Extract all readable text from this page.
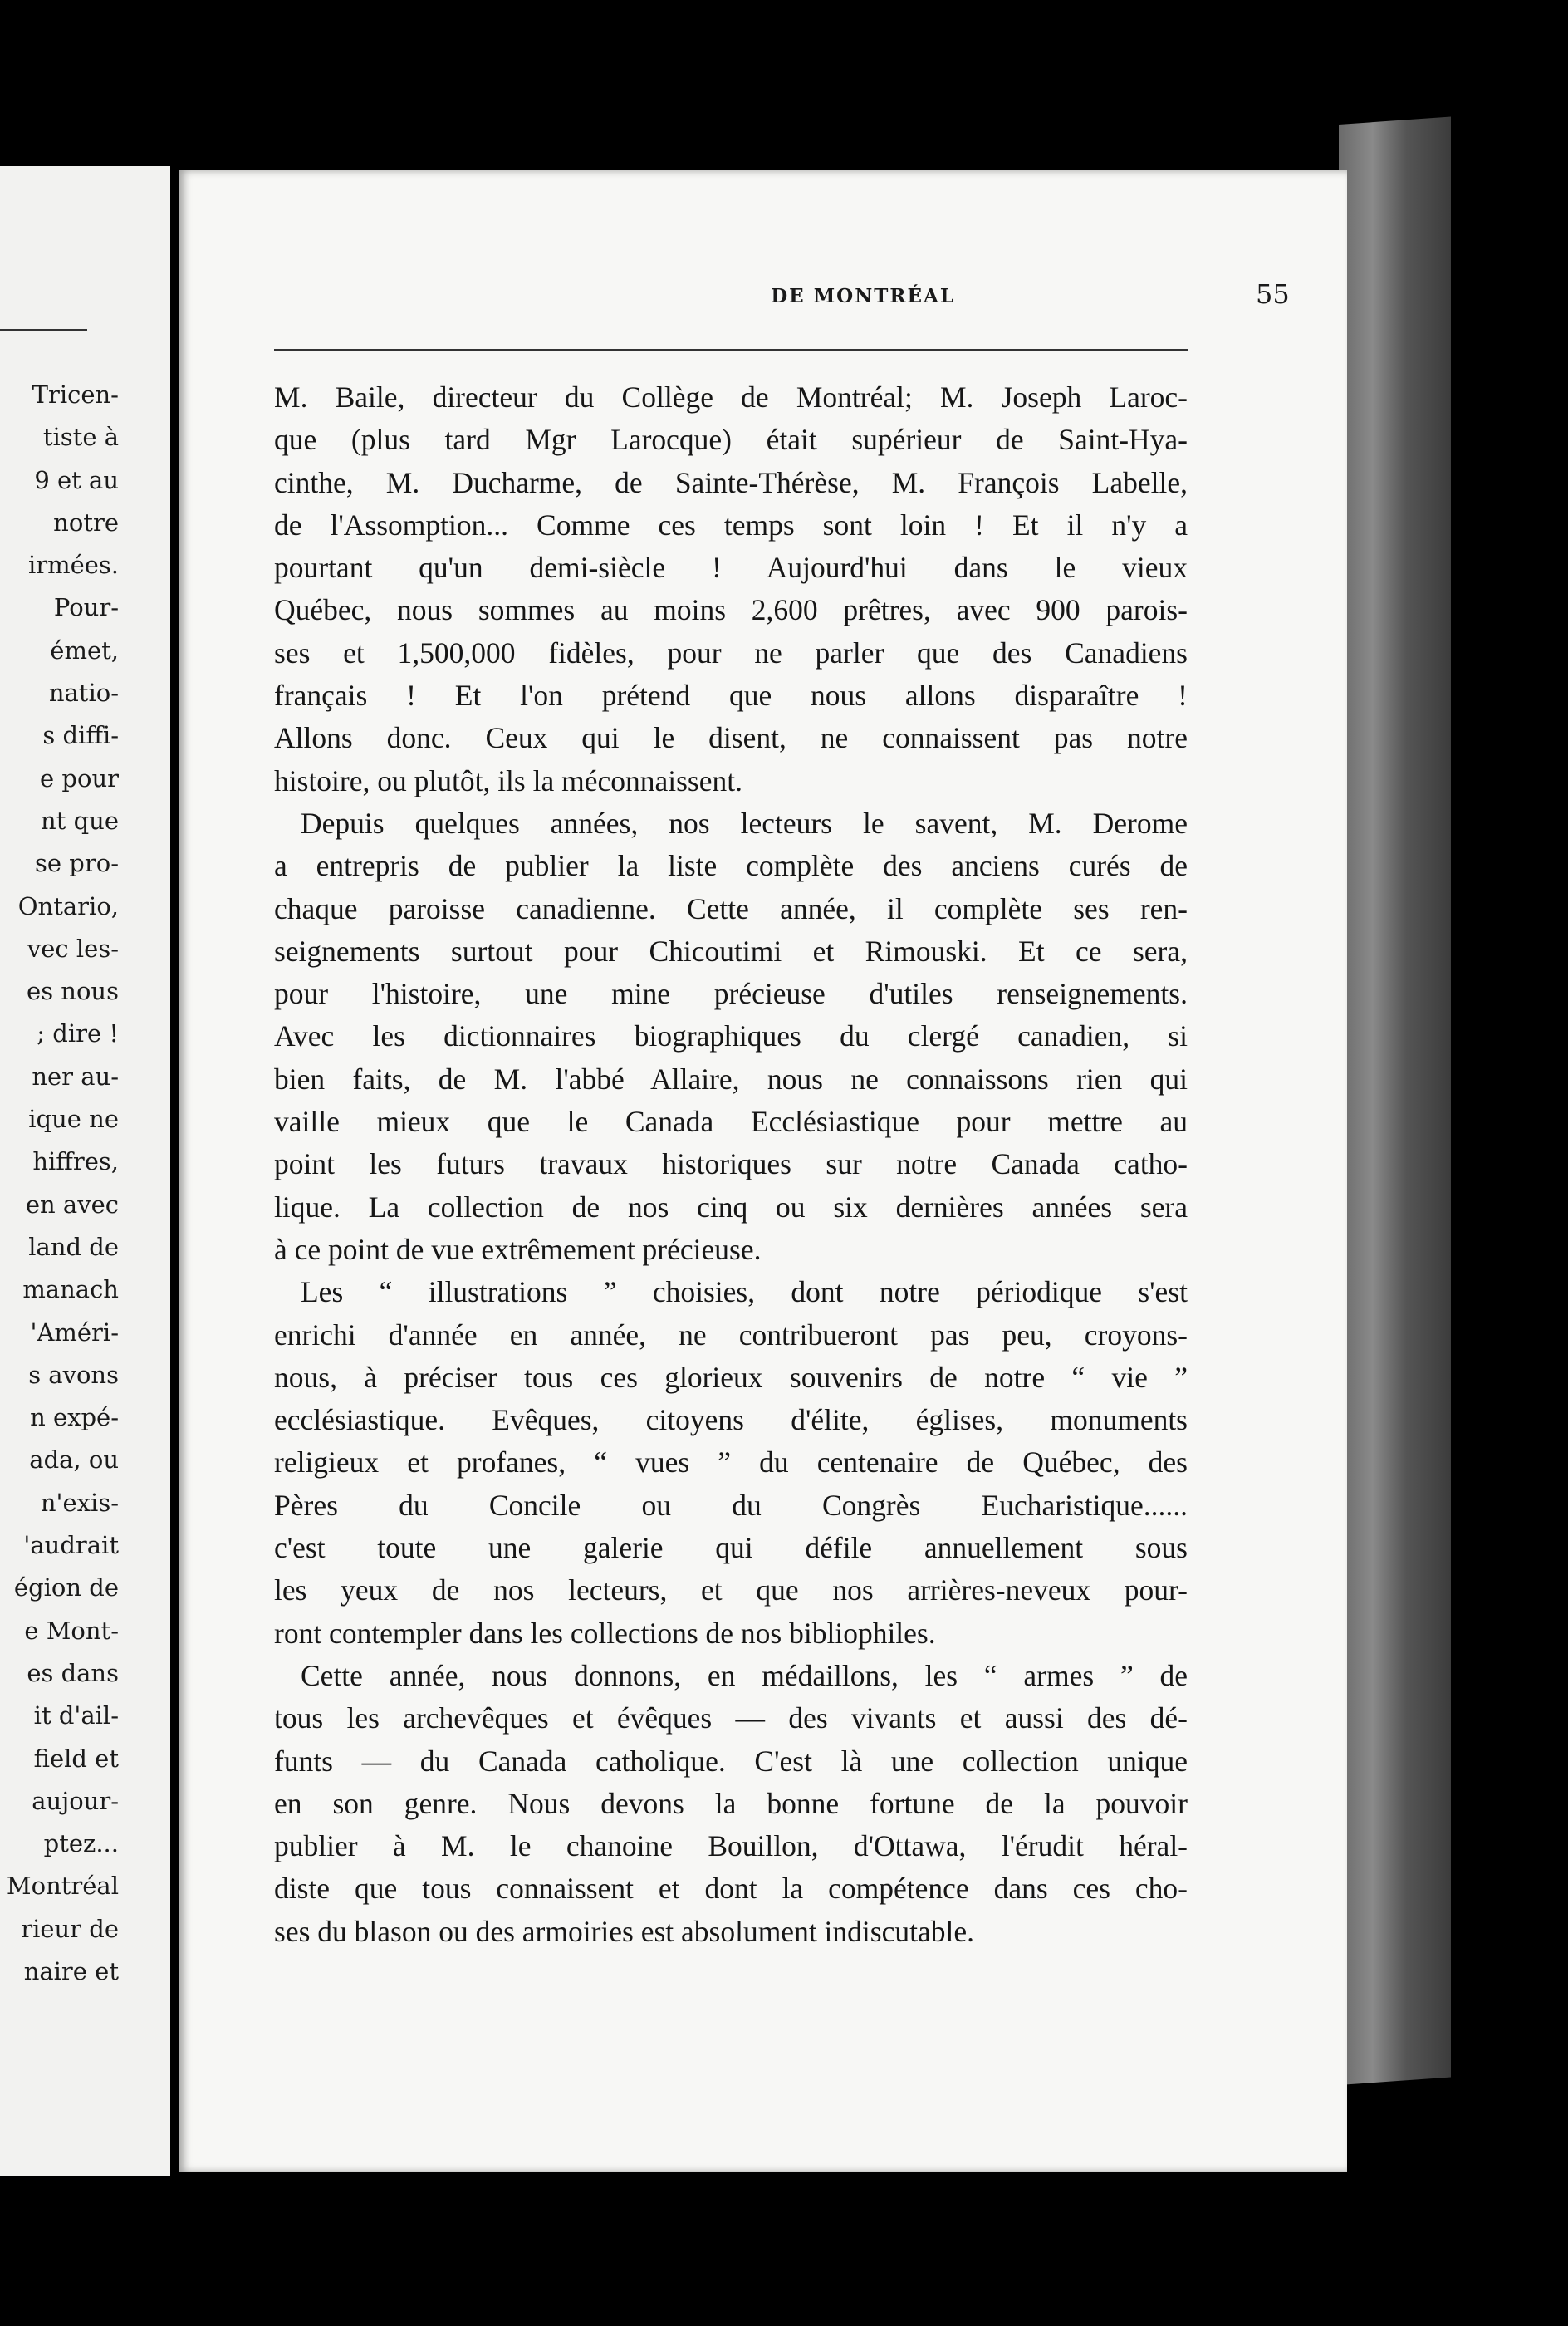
Tricen-
tiste à
9 et au
notre
irmées.
Pour-
émet,
natio-
s diffi-
e pour
nt que
se pro-
Ontario,
vec les-
es nous
; dire !
ner au-
ique ne
hiffres,
en avec
land de
manach
'Améri-
s avons
n expé-
ada, ou
n'exis-
'audrait
égion de
e Mont-
es dans
it d'ail-
field et
aujour-
ptez...
Montréal
rieur de
naire et
DE MONTRÉAL	55
M. Baile, directeur du Collège de Montréal; M. Joseph Laroc-
que (plus tard Mgr Larocque) était supérieur de Saint-Hya-
cinthe, M. Ducharme, de Sainte-Thérèse, M. François Labelle,
de l'Assomption... Comme ces temps sont loin ! Et il n'y a
pourtant qu'un demi-siècle ! Aujourd'hui dans le vieux
Québec, nous sommes au moins 2,600 prêtres, avec 900 parois-
ses et 1,500,000 fidèles, pour ne parler que des Canadiens
français ! Et l'on prétend que nous allons disparaître !
Allons donc. Ceux qui le disent, ne connaissent pas notre
histoire, ou plutôt, ils la méconnaissent.
Depuis quelques années, nos lecteurs le savent, M. Derome
a entrepris de publier la liste complète des anciens curés de
chaque paroisse canadienne. Cette année, il complète ses ren-
seignements surtout pour Chicoutimi et Rimouski. Et ce sera,
pour l'histoire, une mine précieuse d'utiles renseignements.
Avec les dictionnaires biographiques du clergé canadien, si
bien faits, de M. l'abbé Allaire, nous ne connaissons rien qui
vaille mieux que le Canada Ecclésiastique pour mettre au
point les futurs travaux historiques sur notre Canada catho-
lique. La collection de nos cinq ou six dernières années sera
à ce point de vue extrêmement précieuse.
Les “ illustrations ” choisies, dont notre périodique s'est
enrichi d'année en année, ne contribueront pas peu, croyons-
nous, à préciser tous ces glorieux souvenirs de notre “ vie ”
ecclésiastique. Evêques, citoyens d'élite, églises, monuments
religieux et profanes, “ vues ” du centenaire de Québec, des
Pères du Concile ou du Congrès Eucharistique......
c'est toute une galerie qui défile annuellement sous
les yeux de nos lecteurs, et que nos arrières-neveux pour-
ront contempler dans les collections de nos bibliophiles.
Cette année, nous donnons, en médaillons, les “ armes ” de
tous les archevêques et évêques — des vivants et aussi des dé-
funts — du Canada catholique. C'est là une collection unique
en son genre. Nous devons la bonne fortune de la pouvoir
publier à M. le chanoine Bouillon, d'Ottawa, l'érudit héral-
diste que tous connaissent et dont la compétence dans ces cho-
ses du blason ou des armoiries est absolument indiscutable.
